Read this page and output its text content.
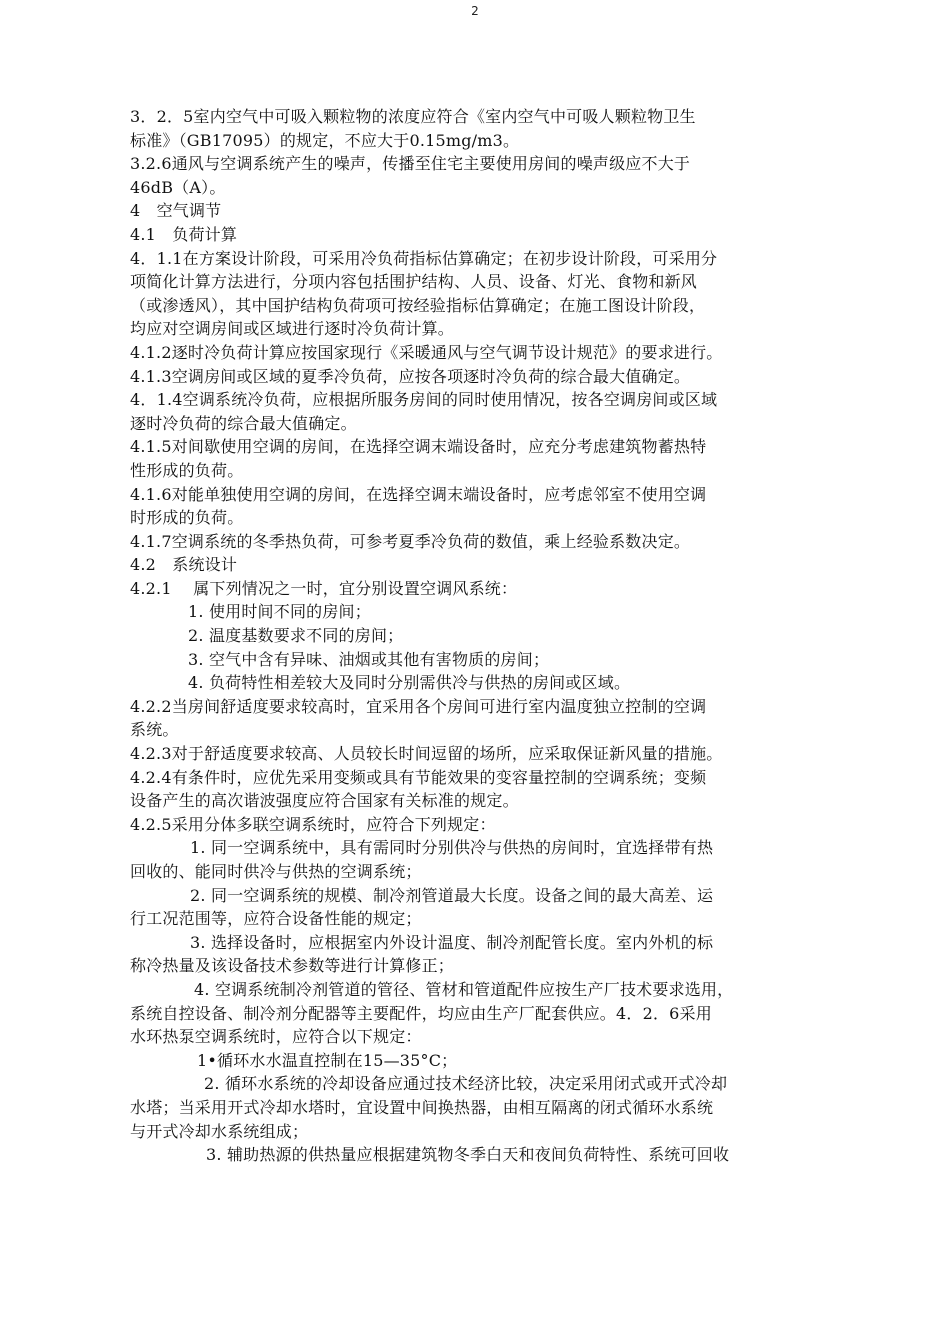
2
3．2．5室内空气中可吸入颗粒物的浓度应符合《室内空气中可吸人颗粒物卫生
标准》（GB17095）的规定，不应大于0.15mg/m3。
3.2.6通风与空调系统产生的噪声，传播至住宅主要使用房间的噪声级应不大于
46dB（A）。
4　空气调节
4.1　负荷计算
4．1.1在方案设计阶段，可采用冷负荷指标估算确定；在初步设计阶段，可采用分
项简化计算方法进行，分项内容包括围护结构、人员、设备、灯光、食物和新风
（或渗透风），其中国护结构负荷项可按经验指标估算确定；在施工图设计阶段，
均应对空调房间或区域进行逐时冷负荷计算。
4.1.2逐时冷负荷计算应按国家现行《采暖通风与空气调节设计规范》的要求进行。
4.1.3空调房间或区域的夏季冷负荷，应按各项逐时冷负荷的综合最大值确定。
4．1.4空调系统冷负荷，应根据所服务房间的同时使用情况，按各空调房间或区域
逐时冷负荷的综合最大值确定。
4.1.5对间歇使用空调的房间，在选择空调末端设备时，应充分考虑建筑物蓄热特
性形成的负荷。
4.1.6对能单独使用空调的房间，在选择空调末端设备时，应考虑邻室不使用空调
时形成的负荷。
4.1.7空调系统的冬季热负荷，可参考夏季冷负荷的数值，乘上经验系数决定。
4.2　系统设计
4.2.1　 属下列情况之一时，宜分别设置空调风系统：
1. 使用时间不同的房间；
2. 温度基数要求不同的房间；
3. 空气中含有异味、油烟或其他有害物质的房间；
4. 负荷特性相差较大及同时分别需供冷与供热的房间或区域。
4.2.2当房间舒适度要求较高时，宜采用各个房间可进行室内温度独立控制的空调
系统。
4.2.3对于舒适度要求较高、人员较长时间逗留的场所，应采取保证新风量的措施。
4.2.4有条件时，应优先采用变频或具有节能效果的变容量控制的空调系统；变频
设备产生的高次谐波强度应符合国家有关标准的规定。
4.2.5采用分体多联空调系统时，应符合下列规定：
1. 同一空调系统中，具有需同时分别供冷与供热的房间时，宜选择带有热
回收的、能同时供冷与供热的空调系统；
2. 同一空调系统的规模、制冷剂管道最大长度。设备之间的最大高差、运
行工况范围等，应符合设备性能的规定；
3. 选择设备时，应根据室内外设计温度、制冷剂配管长度。室内外机的标
称冷热量及该设备技术参数等进行计算修正；
4. 空调系统制冷剂管道的管径、管材和管道配件应按生产厂技术要求选用，
系统自控设备、制冷剂分配器等主要配件，均应由生产厂配套供应。4．2．6采用
水环热泵空调系统时，应符合以下规定：
1•循环水水温直控制在15—35°C；
2. 循环水系统的冷却设备应通过技术经济比较，决定采用闭式或开式冷却
水塔；当采用开式冷却水塔时，宜设置中间换热器，由相互隔离的闭式循环水系统
与开式冷却水系统组成；
3. 辅助热源的供热量应根据建筑物冬季白天和夜间负荷特性、系统可回收
